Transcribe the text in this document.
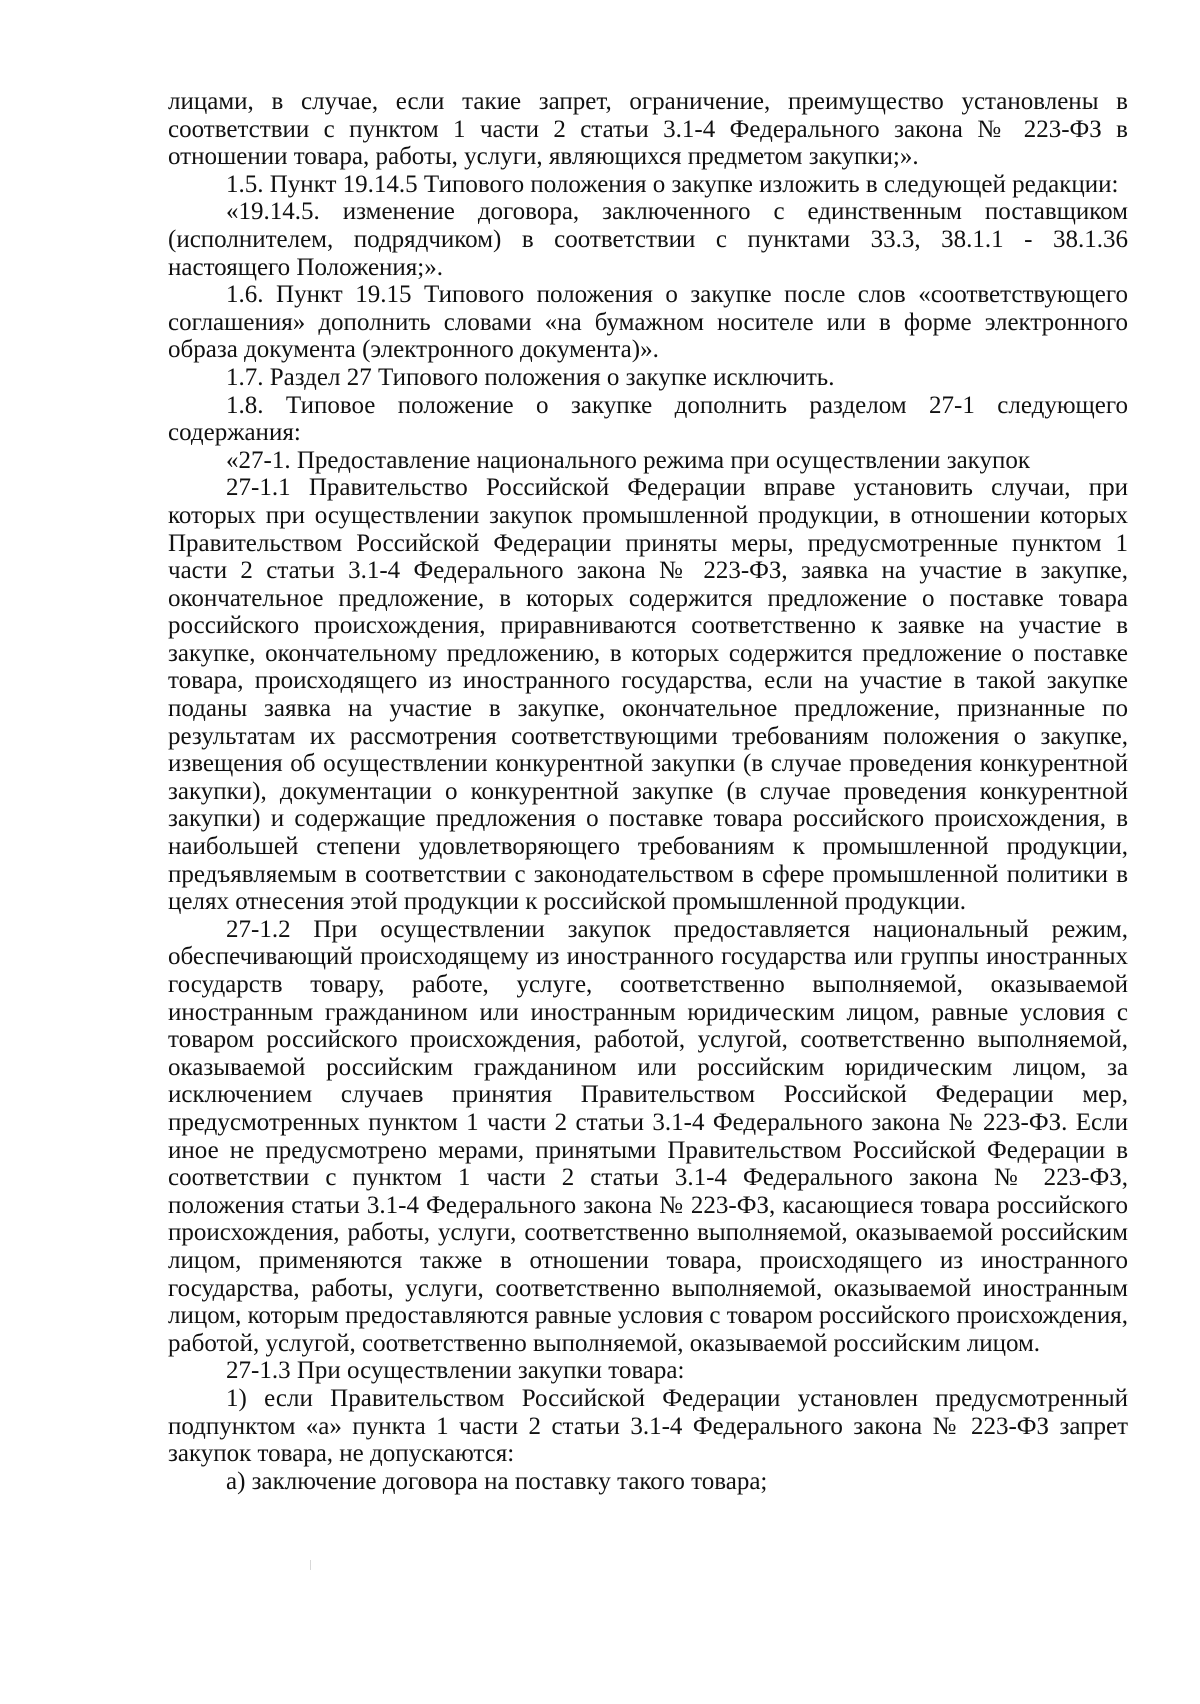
лицами, в случае, если такие запрет, ограничение, преимущество установлены в соответствии с пунктом 1 части 2 статьи 3.1-4 Федерального закона № 223-ФЗ в отношении товара, работы, услуги, являющихся предметом закупки;».

1.5. Пункт 19.14.5 Типового положения о закупке изложить в следующей редакции:

«19.14.5. изменение договора, заключенного с единственным поставщиком (исполнителем, подрядчиком) в соответствии с пунктами 33.3, 38.1.1 - 38.1.36 настоящего Положения;».

1.6. Пункт 19.15 Типового положения о закупке после слов «соответствующего соглашения» дополнить словами «на бумажном носителе или в форме электронного образа документа (электронного документа)».

1.7. Раздел 27 Типового положения о закупке исключить.

1.8. Типовое положение о закупке дополнить разделом 27-1 следующего содержания:

«27-1. Предоставление национального режима при осуществлении закупок

27-1.1 Правительство Российской Федерации вправе установить случаи, при которых при осуществлении закупок промышленной продукции, в отношении которых Правительством Российской Федерации приняты меры, предусмотренные пунктом 1 части 2 статьи 3.1-4 Федерального закона № 223-ФЗ, заявка на участие в закупке, окончательное предложение, в которых содержится предложение о поставке товара российского происхождения, приравниваются соответственно к заявке на участие в закупке, окончательному предложению, в которых содержится предложение о поставке товара, происходящего из иностранного государства, если на участие в такой закупке поданы заявка на участие в закупке, окончательное предложение, признанные по результатам их рассмотрения соответствующими требованиям положения о закупке, извещения об осуществлении конкурентной закупки (в случае проведения конкурентной закупки), документации о конкурентной закупке (в случае проведения конкурентной закупки) и содержащие предложения о поставке товара российского происхождения, в наибольшей степени удовлетворяющего требованиям к промышленной продукции, предъявляемым в соответствии с законодательством в сфере промышленной политики в целях отнесения этой продукции к российской промышленной продукции.

27-1.2 При осуществлении закупок предоставляется национальный режим, обеспечивающий происходящему из иностранного государства или группы иностранных государств товару, работе, услуге, соответственно выполняемой, оказываемой иностранным гражданином или иностранным юридическим лицом, равные условия с товаром российского происхождения, работой, услугой, соответственно выполняемой, оказываемой российским гражданином или российским юридическим лицом, за исключением случаев принятия Правительством Российской Федерации мер, предусмотренных пунктом 1 части 2 статьи 3.1-4 Федерального закона № 223-ФЗ. Если иное не предусмотрено мерами, принятыми Правительством Российской Федерации в соответствии с пунктом 1 части 2 статьи 3.1-4 Федерального закона № 223-ФЗ, положения статьи 3.1-4 Федерального закона № 223-ФЗ, касающиеся товара российского происхождения, работы, услуги, соответственно выполняемой, оказываемой российским лицом, применяются также в отношении товара, происходящего из иностранного государства, работы, услуги, соответственно выполняемой, оказываемой иностранным лицом, которым предоставляются равные условия с товаром российского происхождения, работой, услугой, соответственно выполняемой, оказываемой российским лицом.

27-1.3 При осуществлении закупки товара:

1) если Правительством Российской Федерации установлен предусмотренный подпунктом «а» пункта 1 части 2 статьи 3.1-4 Федерального закона № 223-ФЗ запрет закупок товара, не допускаются:

а) заключение договора на поставку такого товара;
